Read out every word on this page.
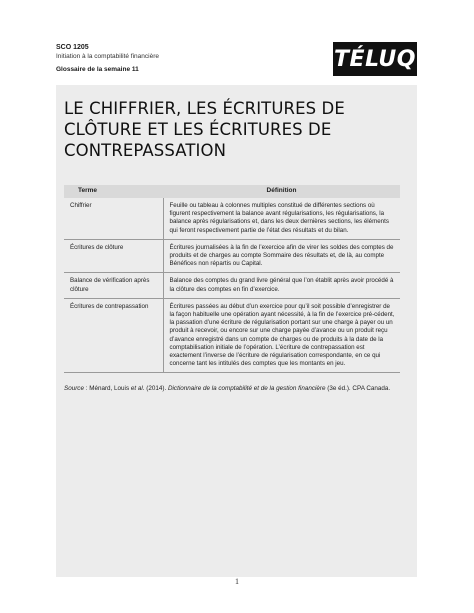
SCO 1205
Initiation à la comptabilité financière
Glossaire de la semaine 11	TÉLUQ
LE CHIFFRIER, LES ÉCRITURES DE CLÔTURE ET LES ÉCRITURES DE CONTREPASSATION
Terme	Définition
Chiffrier	Feuille ou tableau à colonnes multiples constitué de différentes sections où figurent respectivement la balance avant régularisations, les régularisations, la balance après régularisations et, dans les deux dernières sections, les éléments qui feront respectivement partie de l’état des résultats et du bilan.
Écritures de clôture	Écritures journalisées à la fin de l’exercice afin de virer les soldes des comptes de produits et de charges au compte Sommaire des résultats et, de là, au compte Bénéfices non répartis ou Capital.
Balance de vérification après clôture	Balance des comptes du grand livre général que l’on établit après avoir procédé à la clôture des comptes en fin d’exercice.
Écritures de contrepassation	Écritures passées au début d’un exercice pour qu’il soit possible d’enregistrer de la façon habituelle une opération ayant nécessité, à la fin de l’exercice pré-cédent, la passation d’une écriture de régularisation portant sur une charge à payer ou un produit à recevoir, ou encore sur une charge payée d’avance ou un produit reçu d’avance enregistré dans un compte de charges ou de produits à la date de la comptabilisation initiale de l’opération. L’écriture de contrepassation est exactement l’inverse de l’écriture de régularisation correspondante, en ce qui concerne tant les intitulés des comptes que les montants en jeu.
Source : Ménard, Louis et al. (2014). Dictionnaire de la comptabilité et de la gestion financière (3e éd.). CPA Canada.
1
